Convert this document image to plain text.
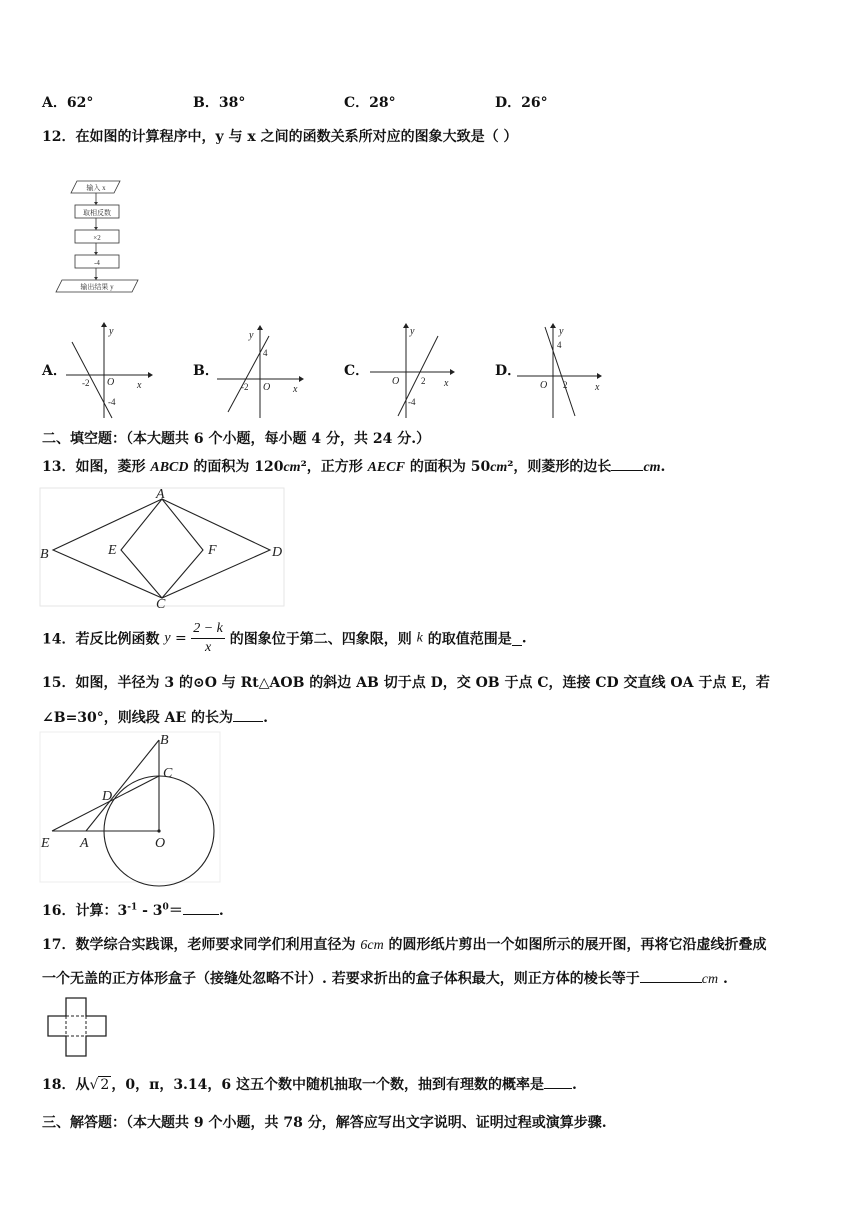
A．62°	B．38°	C．28°	D．26°
12．在如图的计算程序中，y 与 x 之间的函数关系所对应的图象大致是（ ）
输入 x
取相反数
×2
-4
输出结果 y
A．	B．	C．	D．
x
y
O
-2
-4
x
y
O
4
-2	x
y
O 2
-4
x
y
O
4
2
二、填空题：（本大题共 6 个小题，每小题 4 分，共 24 分.）
13．如图，菱形 ABCD 的面积为 120cm²，正方形 AECF 的面积为 50cm²，则菱形的边长 cm.
A
B
C
D
E	F
14．若反比例函数 $y = \frac{2 - k}{x}$ 的图象位于第二、四象限，则 k 的取值范围是 .
15．如图，半径为 3 的⊙O 与 Rt△AOB 的斜边 AB 切于点 D，交 OB 于点 C，连接 CD 交直线 OA 于点 E，若
∠B=30°，则线段 AE 的长为 .
B
C
D
E A	O
16．计算：$3^{-1} - 3^0=$	.
17．数学综合实践课，老师要求同学们利用直径为 6cm 的圆形纸片剪出一个如图所示的展开图，再将它沿虚线折叠成
一个无盖的正方体形盒子（接缝处忽略不计）. 若要求折出的盒子体积最大，则正方体的棱长等于	cm .
18．从√ 2 ，0，π，3.14，6 这五个数中随机抽取一个数，抽到有理数的概率是 .
三、解答题：（本大题共 9 个小题，共 78 分，解答应写出文字说明、证明过程或演算步骤.
